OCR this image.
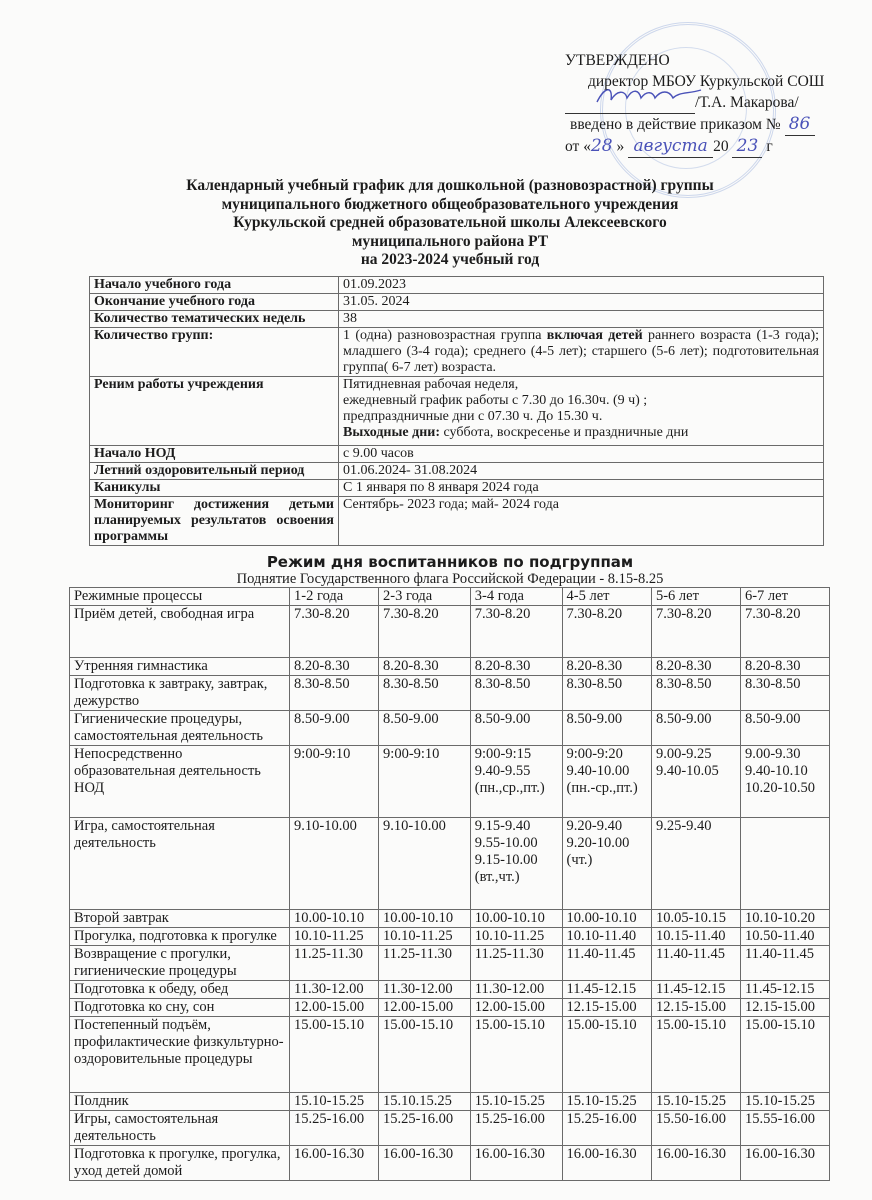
УТВЕРЖДЕНО
директор МБОУ Куркульской СОШ
/Т.А. Макарова/
введено в действие приказом № 86
от «28 » августа 20 23 г
Календарный учебный график для дошкольной (разновозрастной) группы
муниципального бюджетного общеобразовательного учреждения
Куркульской средней образовательной школы Алексеевского
муниципального района РТ
на 2023-2024 учебный год
Начало учебного года	01.09.2023
Окончание учебного года	31.05. 2024
Количество тематических недель	38
Количество групп:	1 (одна) разновозрастная группа включая детей раннего возраста (1-3 года); младшего (3-4 года); среднего (4-5 лет); старшего (5-6 лет); подготовительная группа( 6-7 лет) возраста.
Реним работы учреждения	Пятидневная рабочая неделя,
ежедневный график работы с 7.30 до 16.30ч. (9 ч) ;
предпраздничные дни с 07.30 ч. До 15.30 ч.
Выходные дни: суббота, воскресенье и праздничные дни

Начало НОД	с 9.00 часов
Летний оздоровительный период	01.06.2024- 31.08.2024
Каникулы	С 1 января по 8 января 2024 года
Мониторинг достижения детьми планируемых результатов освоения программы	Сентябрь- 2023 года; май- 2024 года
Режим дня воспитанников по подгруппам
Поднятие Государственного флага Российской Федерации - 8.15-8.25
Режимные процессы	1-2 года	2-3 года	3-4 года	4-5 лет	5-6 лет	6-7 лет
Приём детей, свободная игра	7.30-8.20	7.30-8.20	7.30-8.20	7.30-8.20	7.30-8.20	7.30-8.20

Утренняя гимнастика	8.20-8.30	8.20-8.30	8.20-8.30	8.20-8.30	8.20-8.30	8.20-8.30

Подготовка к завтраку, завтрак, дежурство	8.30-8.50	8.30-8.50	8.30-8.50	8.30-8.50	8.30-8.50	8.30-8.50

Гигиенические процедуры, самостоятельная деятельность	8.50-9.00	8.50-9.00	8.50-9.00	8.50-9.00	8.50-9.00	8.50-9.00

Непосредственно образовательная деятельность НОД	9:00-9:10	9:00-9:10	9:00-9:15
9.40-9.55
(пн.,ср.,пт.)	9:00-9:20
9.40-10.00
(пн.-ср.,пт.)	9.00-9.25
9.40-10.05	9.00-9.30
9.40-10.10
10.20-10.50

Игра, самостоятельная деятельность	9.10-10.00	9.10-10.00	9.15-9.40
9.55-10.00
9.15-10.00
(вт.,чт.)	9.20-9.40
9.20-10.00
(чт.)	9.25-9.40	

Второй завтрак	10.00-10.10	10.00-10.10	10.00-10.10	10.00-10.10	10.05-10.15	10.10-10.20

Прогулка, подготовка к прогулке	10.10-11.25	10.10-11.25	10.10-11.25	10.10-11.40	10.15-11.40	10.50-11.40

Возвращение с прогулки, гигиенические процедуры	11.25-11.30	11.25-11.30	11.25-11.30	11.40-11.45	11.40-11.45	11.40-11.45

Подготовка к обеду, обед	11.30-12.00	11.30-12.00	11.30-12.00	11.45-12.15	11.45-12.15	11.45-12.15

Подготовка ко сну, сон	12.00-15.00	12.00-15.00	12.00-15.00	12.15-15.00	12.15-15.00	12.15-15.00

Постепенный подъём, профилактические физкультурно-оздоровительные процедуры	15.00-15.10	15.00-15.10	15.00-15.10	15.00-15.10	15.00-15.10	15.00-15.10

Полдник	15.10-15.25	15.10.15.25	15.10-15.25	15.10-15.25	15.10-15.25	15.10-15.25

Игры, самостоятельная деятельность	15.25-16.00	15.25-16.00	15.25-16.00	15.25-16.00	15.50-16.00	15.55-16.00

Подготовка к прогулке, прогулка, уход детей домой	16.00-16.30	16.00-16.30	16.00-16.30	16.00-16.30	16.00-16.30	16.00-16.30
